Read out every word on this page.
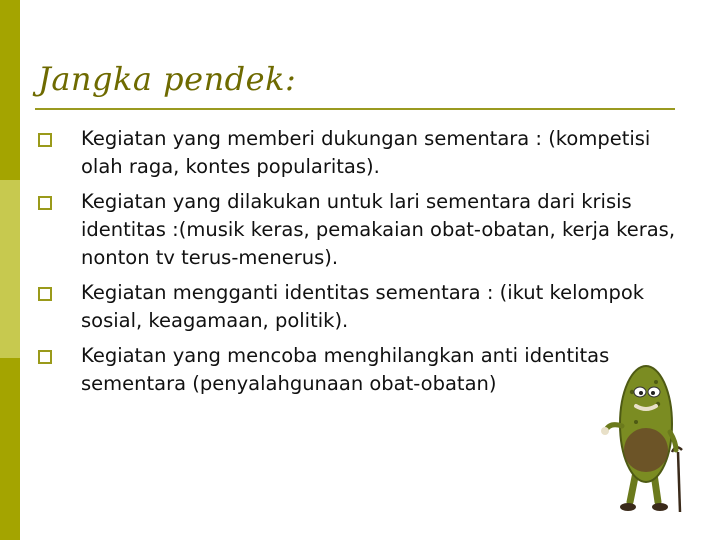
Jangka pendek:
Kegiatan yang memberi dukungan sementara : (kompetisi olah raga, kontes popularitas).
Kegiatan yang dilakukan untuk lari sementara dari krisis identitas :(musik keras, pemakaian obat-obatan, kerja keras, nonton tv terus-menerus).
Kegiatan mengganti identitas sementara : (ikut kelompok sosial, keagamaan, politik).
Kegiatan yang mencoba menghilangkan anti identitas sementara (penyalahgunaan obat-obatan)
